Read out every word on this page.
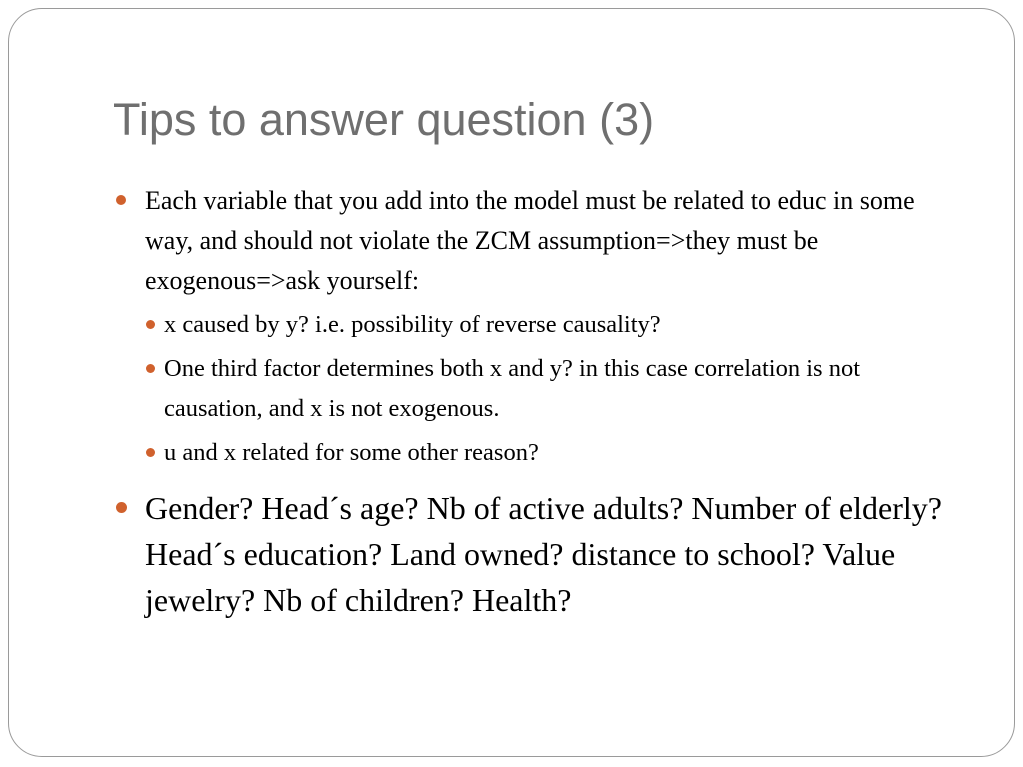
Tips to answer question (3)
Each variable that you add into the model must be related to educ in some way, and should not violate the ZCM assumption=>they must be exogenous=>ask yourself:
x caused by y? i.e. possibility of reverse causality?
One third factor determines both x and y? in this case correlation is not causation, and x is not exogenous.
u and x related for some other reason?
Gender? Head´s age? Nb of active adults? Number of elderly? Head´s education? Land owned? distance to school? Value jewelry? Nb of children? Health?
